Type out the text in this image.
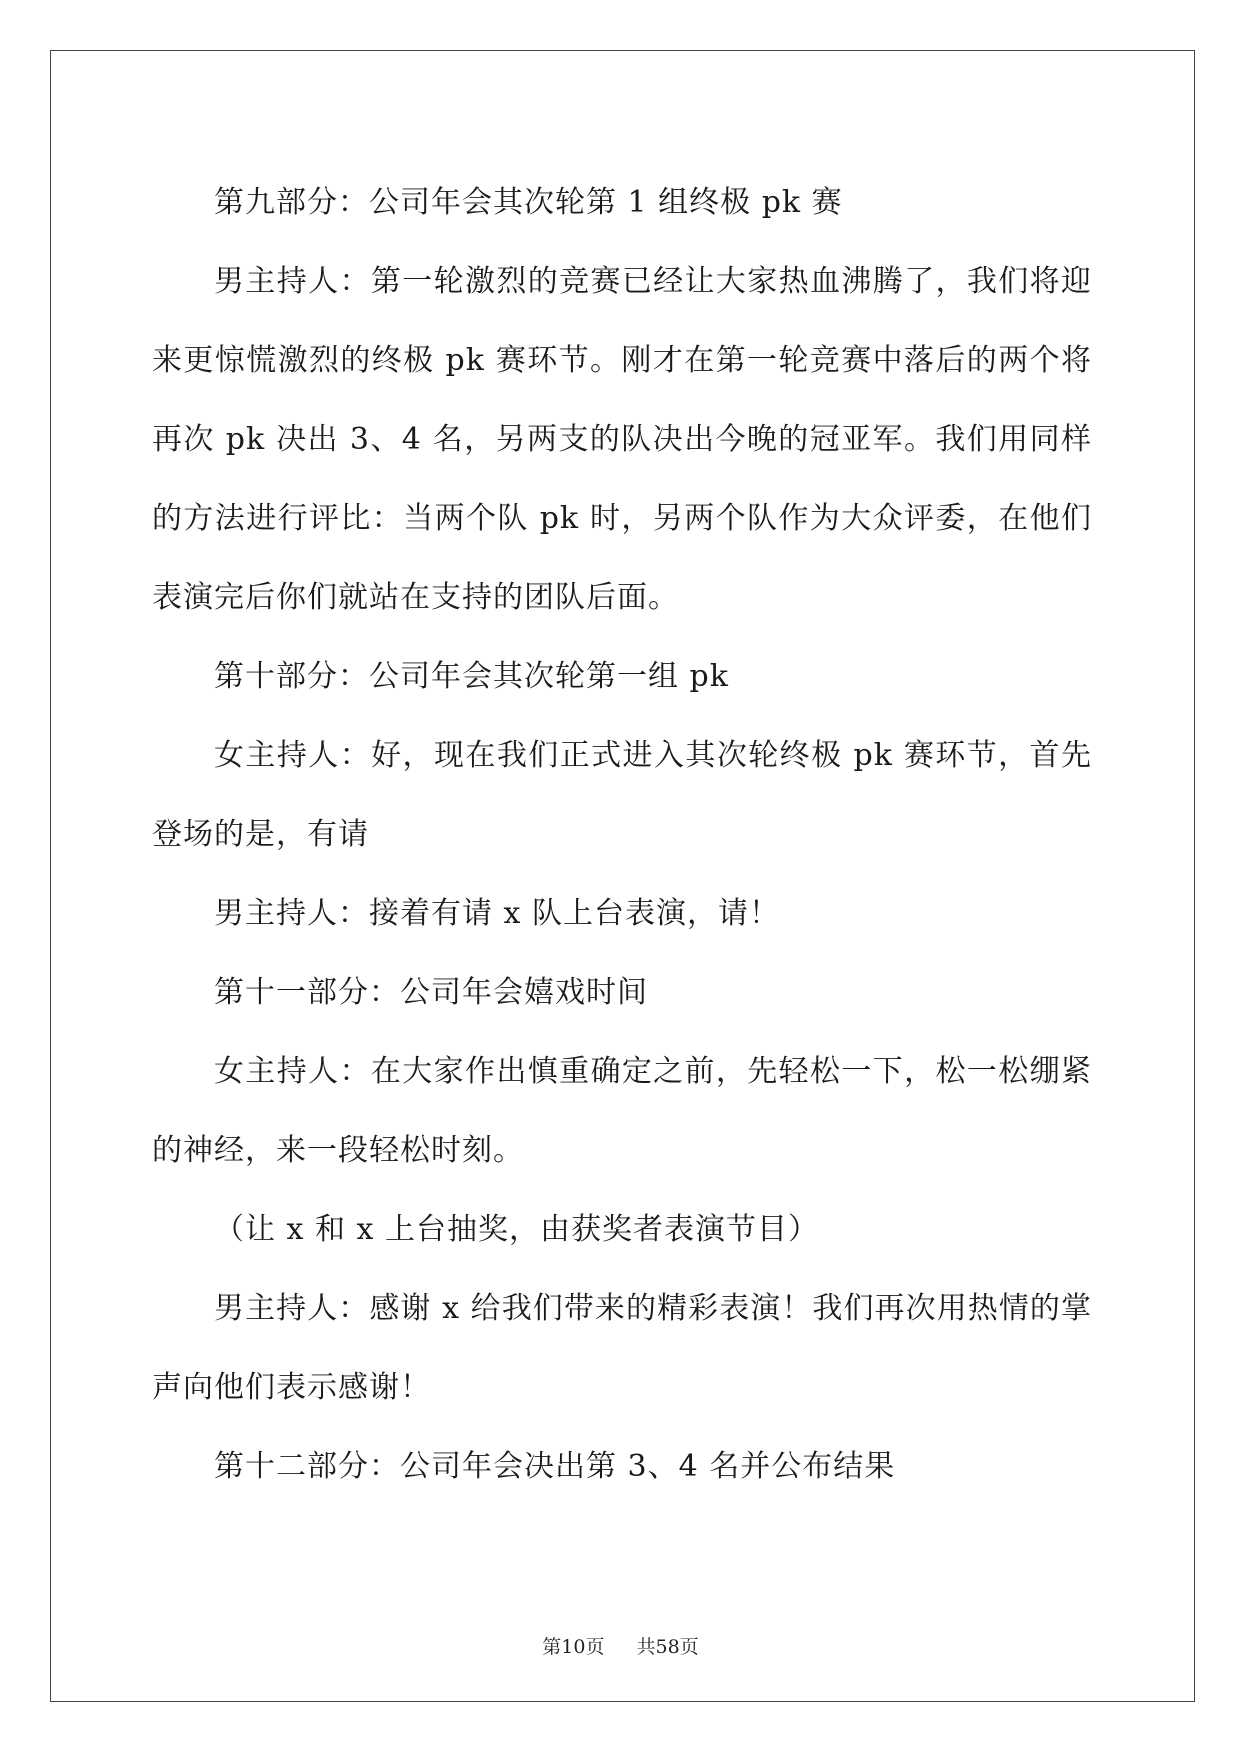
第九部分：公司年会其次轮第 1 组终极 pk 赛

男主持人：第一轮激烈的竞赛已经让大家热血沸腾了，我们将迎来更惊慌激烈的终极 pk 赛环节。刚才在第一轮竞赛中落后的两个将再次 pk 决出 3、4 名，另两支的队决出今晚的冠亚军。我们用同样的方法进行评比：当两个队 pk 时，另两个队作为大众评委，在他们表演完后你们就站在支持的团队后面。

第十部分：公司年会其次轮第一组 pk

女主持人：好，现在我们正式进入其次轮终极 pk 赛环节，首先登场的是，有请

男主持人：接着有请 x 队上台表演，请！

第十一部分：公司年会嬉戏时间

女主持人：在大家作出慎重确定之前，先轻松一下，松一松绷紧的神经，来一段轻松时刻。

（让 x 和 x 上台抽奖，由获奖者表演节目）

男主持人：感谢 x 给我们带来的精彩表演！我们再次用热情的掌声向他们表示感谢！

第十二部分：公司年会决出第 3、4 名并公布结果

第10页 共58页
